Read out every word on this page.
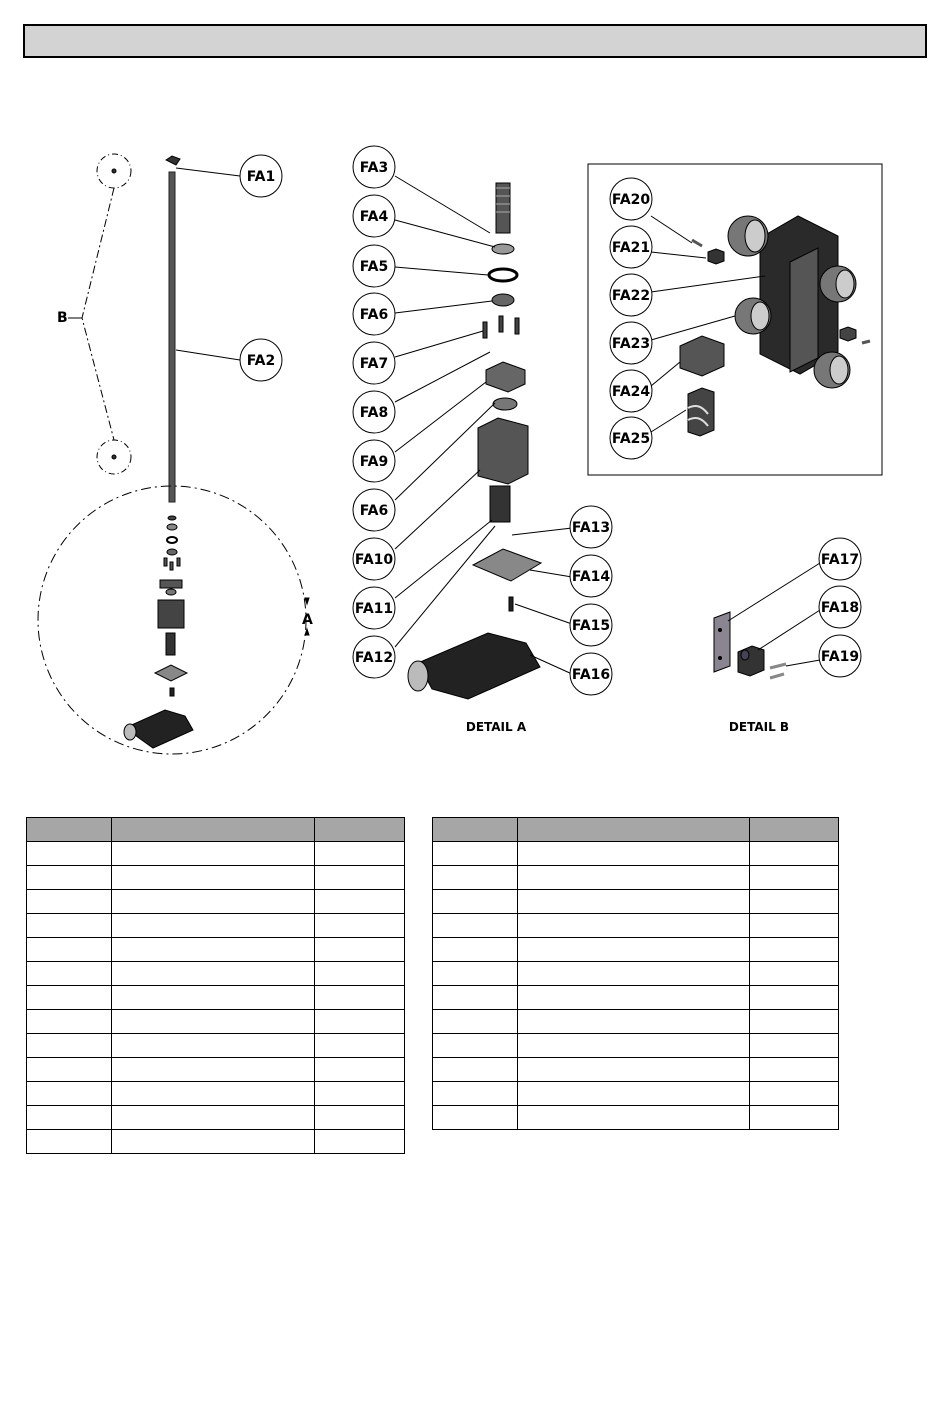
B
A
DETAIL A	DETAIL B
FA1
FA2
FA3
FA4
FA5
FA6
FA7
FA8
FA9
FA6
FA10
FA11
FA12
FA13
FA14
FA15
FA16
FA17
FA18
FA19
FA20
FA21
FA22
FA23
FA24
FA25
